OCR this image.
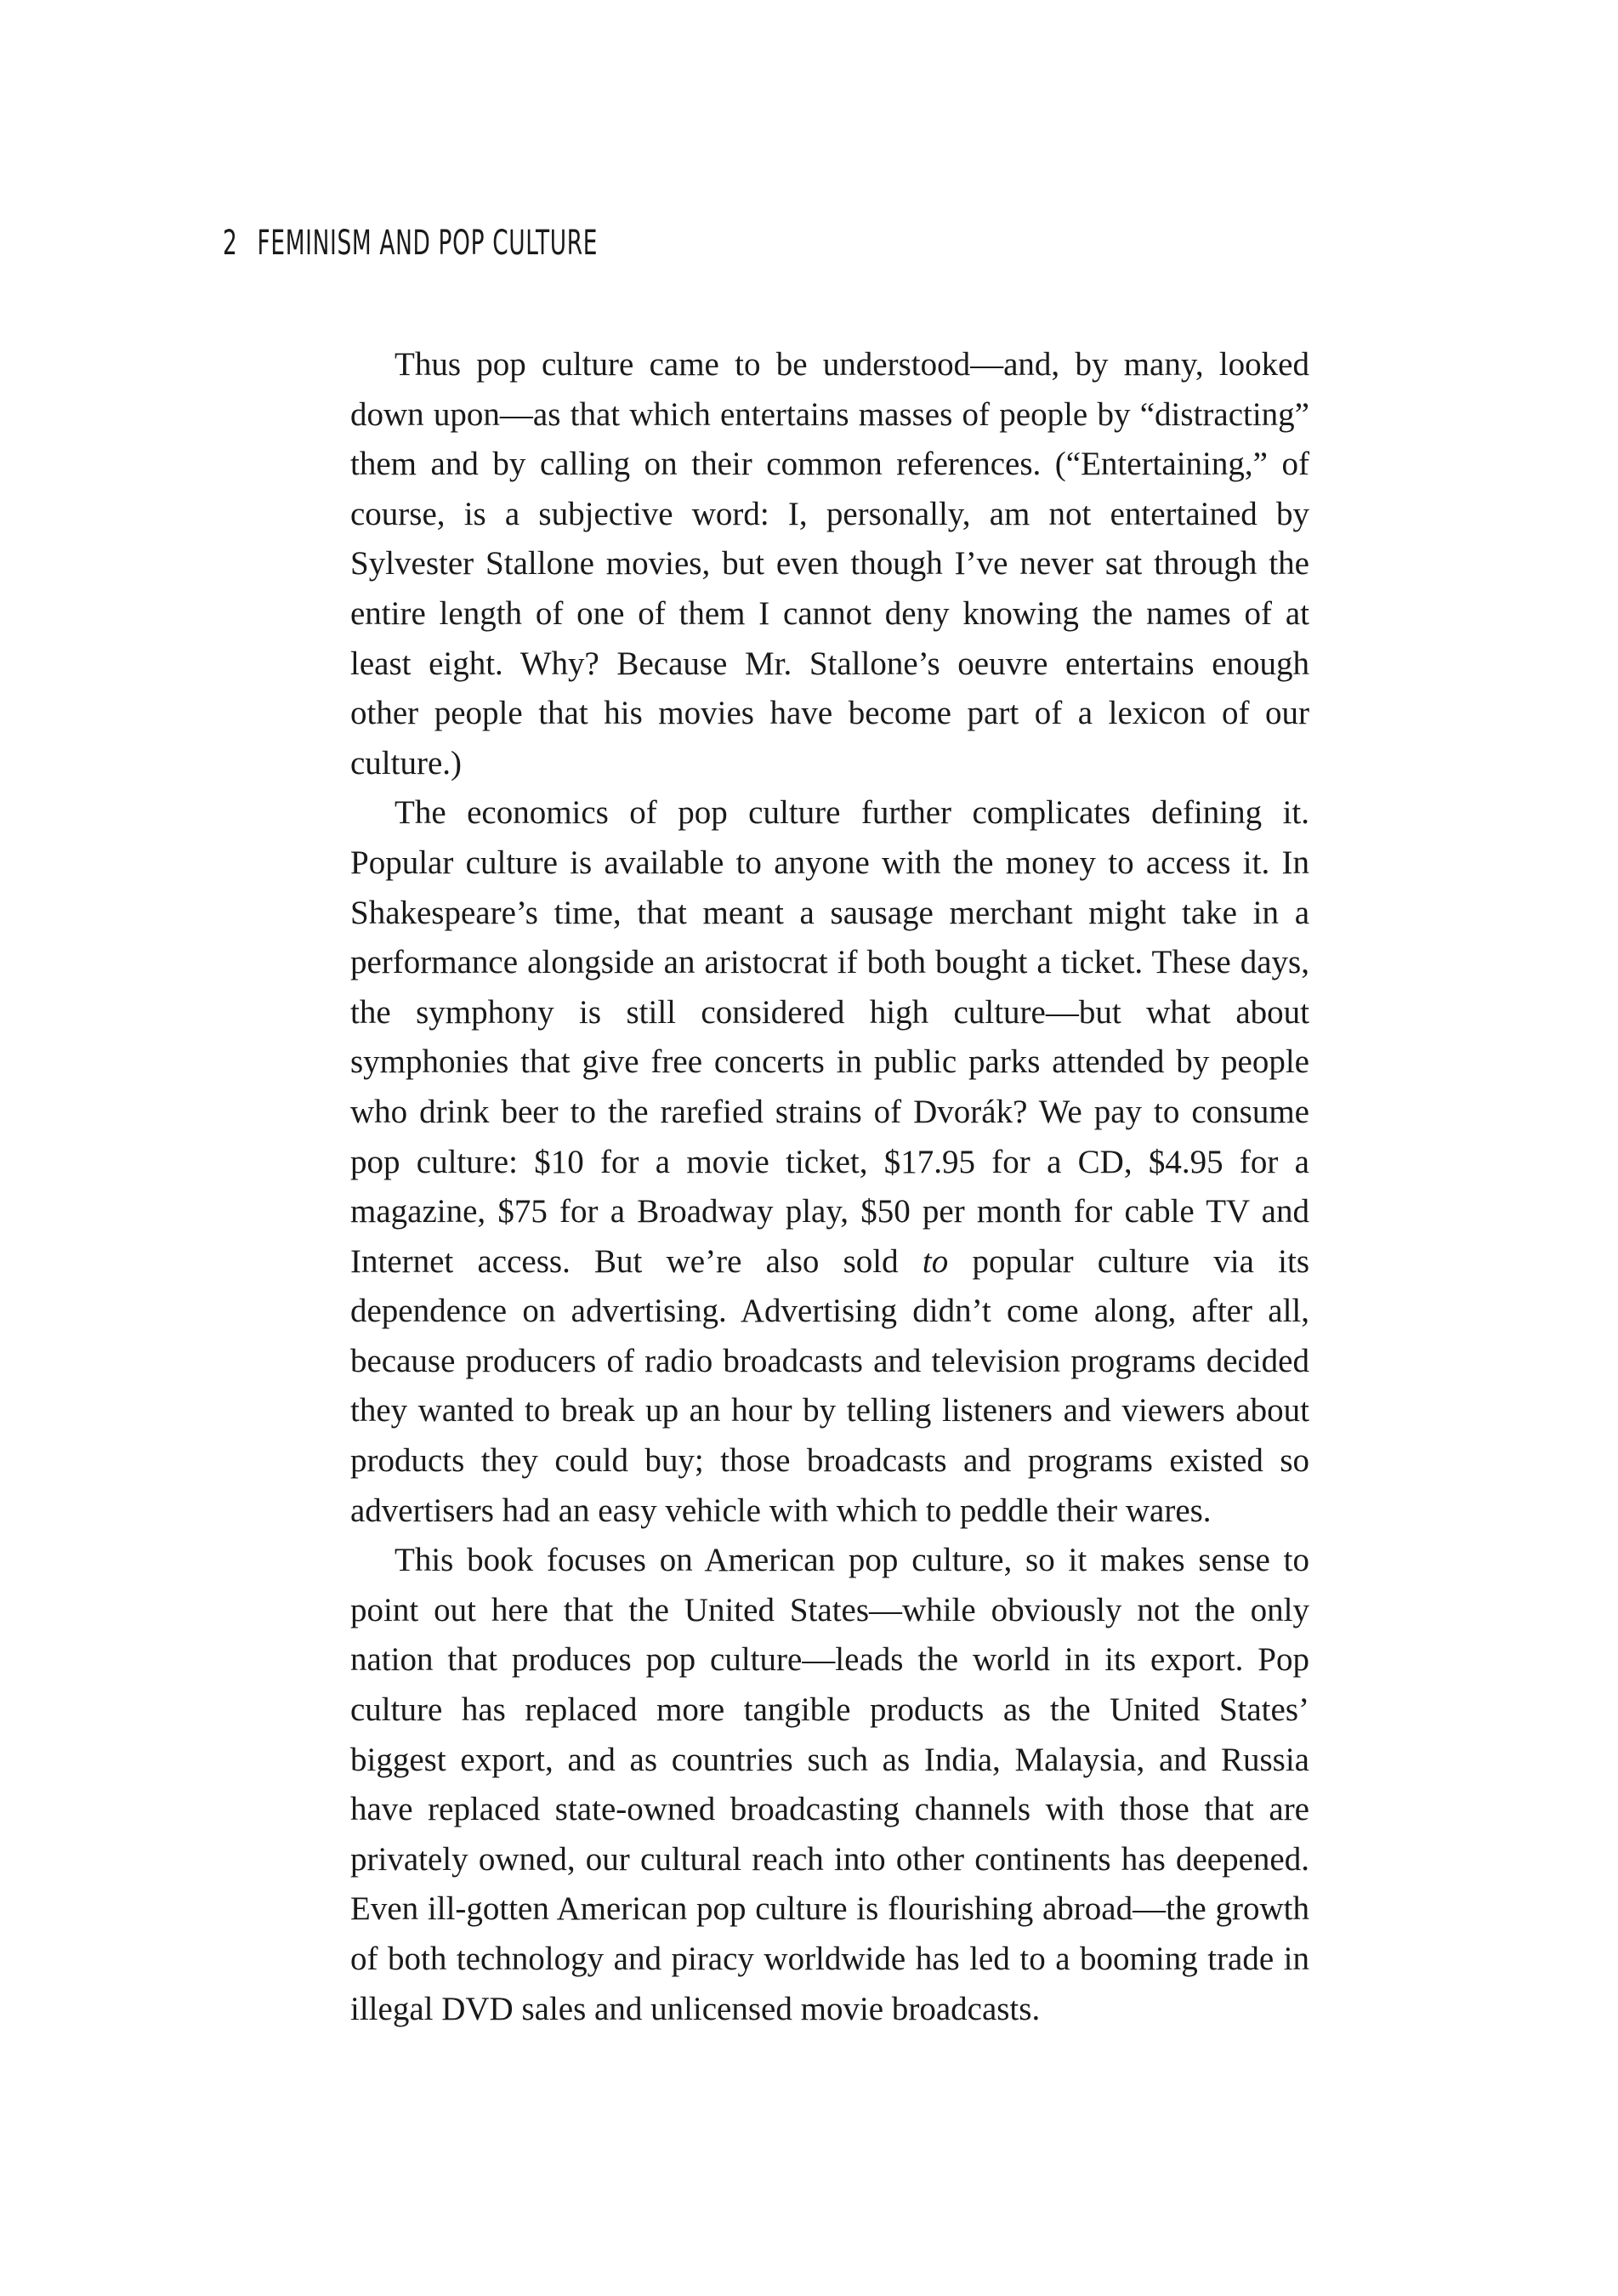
2 FEMINISM AND POP CULTURE

Thus pop culture came to be understood—and, by many, looked down upon—as that which entertains masses of people by “distracting” them and by calling on their common references. (“Entertaining,” of course, is a subjective word: I, personally, am not entertained by Sylvester Stallone movies, but even though I’ve never sat through the entire length of one of them I cannot deny knowing the names of at least eight. Why? Because Mr. Stallone’s oeuvre entertains enough other people that his movies have become part of a lexicon of our culture.)

The economics of pop culture further complicates defining it. Popular culture is available to anyone with the money to access it. In Shakespeare’s time, that meant a sausage merchant might take in a performance alongside an aristocrat if both bought a ticket. These days, the symphony is still considered high culture—but what about symphonies that give free concerts in public parks attended by people who drink beer to the rarefied strains of Dvorák? We pay to consume pop culture: $10 for a movie ticket, $17.95 for a CD, $4.95 for a magazine, $75 for a Broadway play, $50 per month for cable TV and Internet access. But we’re also sold to popular culture via its dependence on advertising. Advertising didn’t come along, after all, because producers of radio broadcasts and television programs decided they wanted to break up an hour by telling listeners and viewers about products they could buy; those broadcasts and programs existed so advertisers had an easy vehicle with which to peddle their wares.

This book focuses on American pop culture, so it makes sense to point out here that the United States—while obviously not the only nation that produces pop culture—leads the world in its export. Pop culture has replaced more tangible products as the United States’ biggest export, and as countries such as India, Malaysia, and Russia have replaced state-owned broadcasting channels with those that are privately owned, our cultural reach into other continents has deepened. Even ill-gotten American pop culture is flourishing abroad—the growth of both technology and piracy worldwide has led to a booming trade in illegal DVD sales and unlicensed movie broadcasts.
